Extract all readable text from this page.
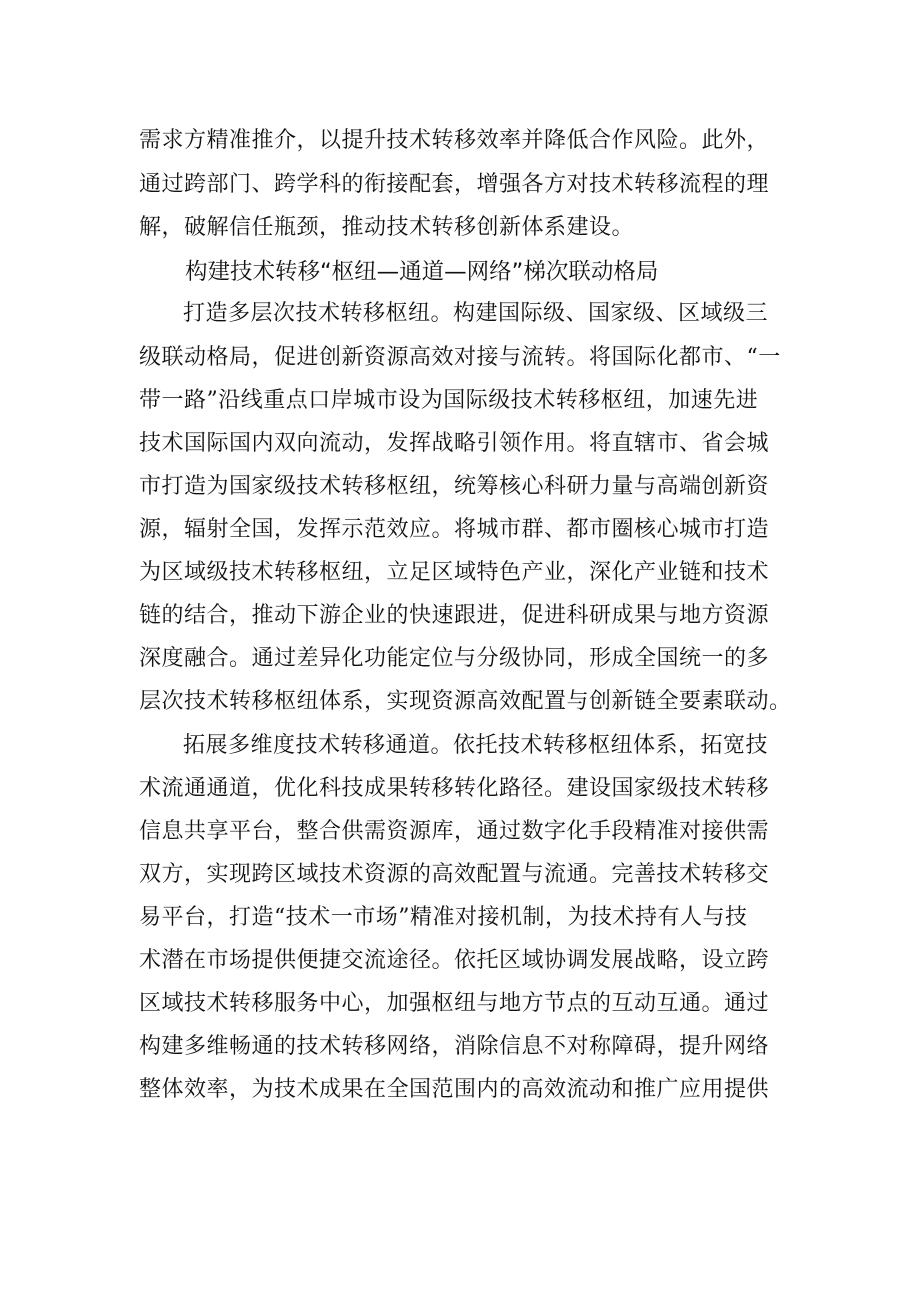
需求方精准推介，以提升技术转移效率并降低合作风险。此外，

通过跨部门、跨学科的衔接配套，增强各方对技术转移流程的理

解，破解信任瓶颈，推动技术转移创新体系建设。

构建技术转移“枢纽—通道—网络”梯次联动格局

打造多层次技术转移枢纽。构建国际级、国家级、区域级三

级联动格局，促进创新资源高效对接与流转。将国际化都市、“一

带一路”沿线重点口岸城市设为国际级技术转移枢纽，加速先进

技术国际国内双向流动，发挥战略引领作用。将直辖市、省会城

市打造为国家级技术转移枢纽，统筹核心科研力量与高端创新资

源，辐射全国，发挥示范效应。将城市群、都市圈核心城市打造

为区域级技术转移枢纽，立足区域特色产业，深化产业链和技术

链的结合，推动下游企业的快速跟进，促进科研成果与地方资源

深度融合。通过差异化功能定位与分级协同，形成全国统一的多

层次技术转移枢纽体系，实现资源高效配置与创新链全要素联动。

拓展多维度技术转移通道。依托技术转移枢纽体系，拓宽技

术流通通道，优化科技成果转移转化路径。建设国家级技术转移

信息共享平台，整合供需资源库，通过数字化手段精准对接供需

双方，实现跨区域技术资源的高效配置与流通。完善技术转移交

易平台，打造“技术一市场”精准对接机制，为技术持有人与技

术潜在市场提供便捷交流途径。依托区域协调发展战略，设立跨

区域技术转移服务中心，加强枢纽与地方节点的互动互通。通过

构建多维畅通的技术转移网络，消除信息不对称障碍，提升网络

整体效率，为技术成果在全国范围内的高效流动和推广应用提供
